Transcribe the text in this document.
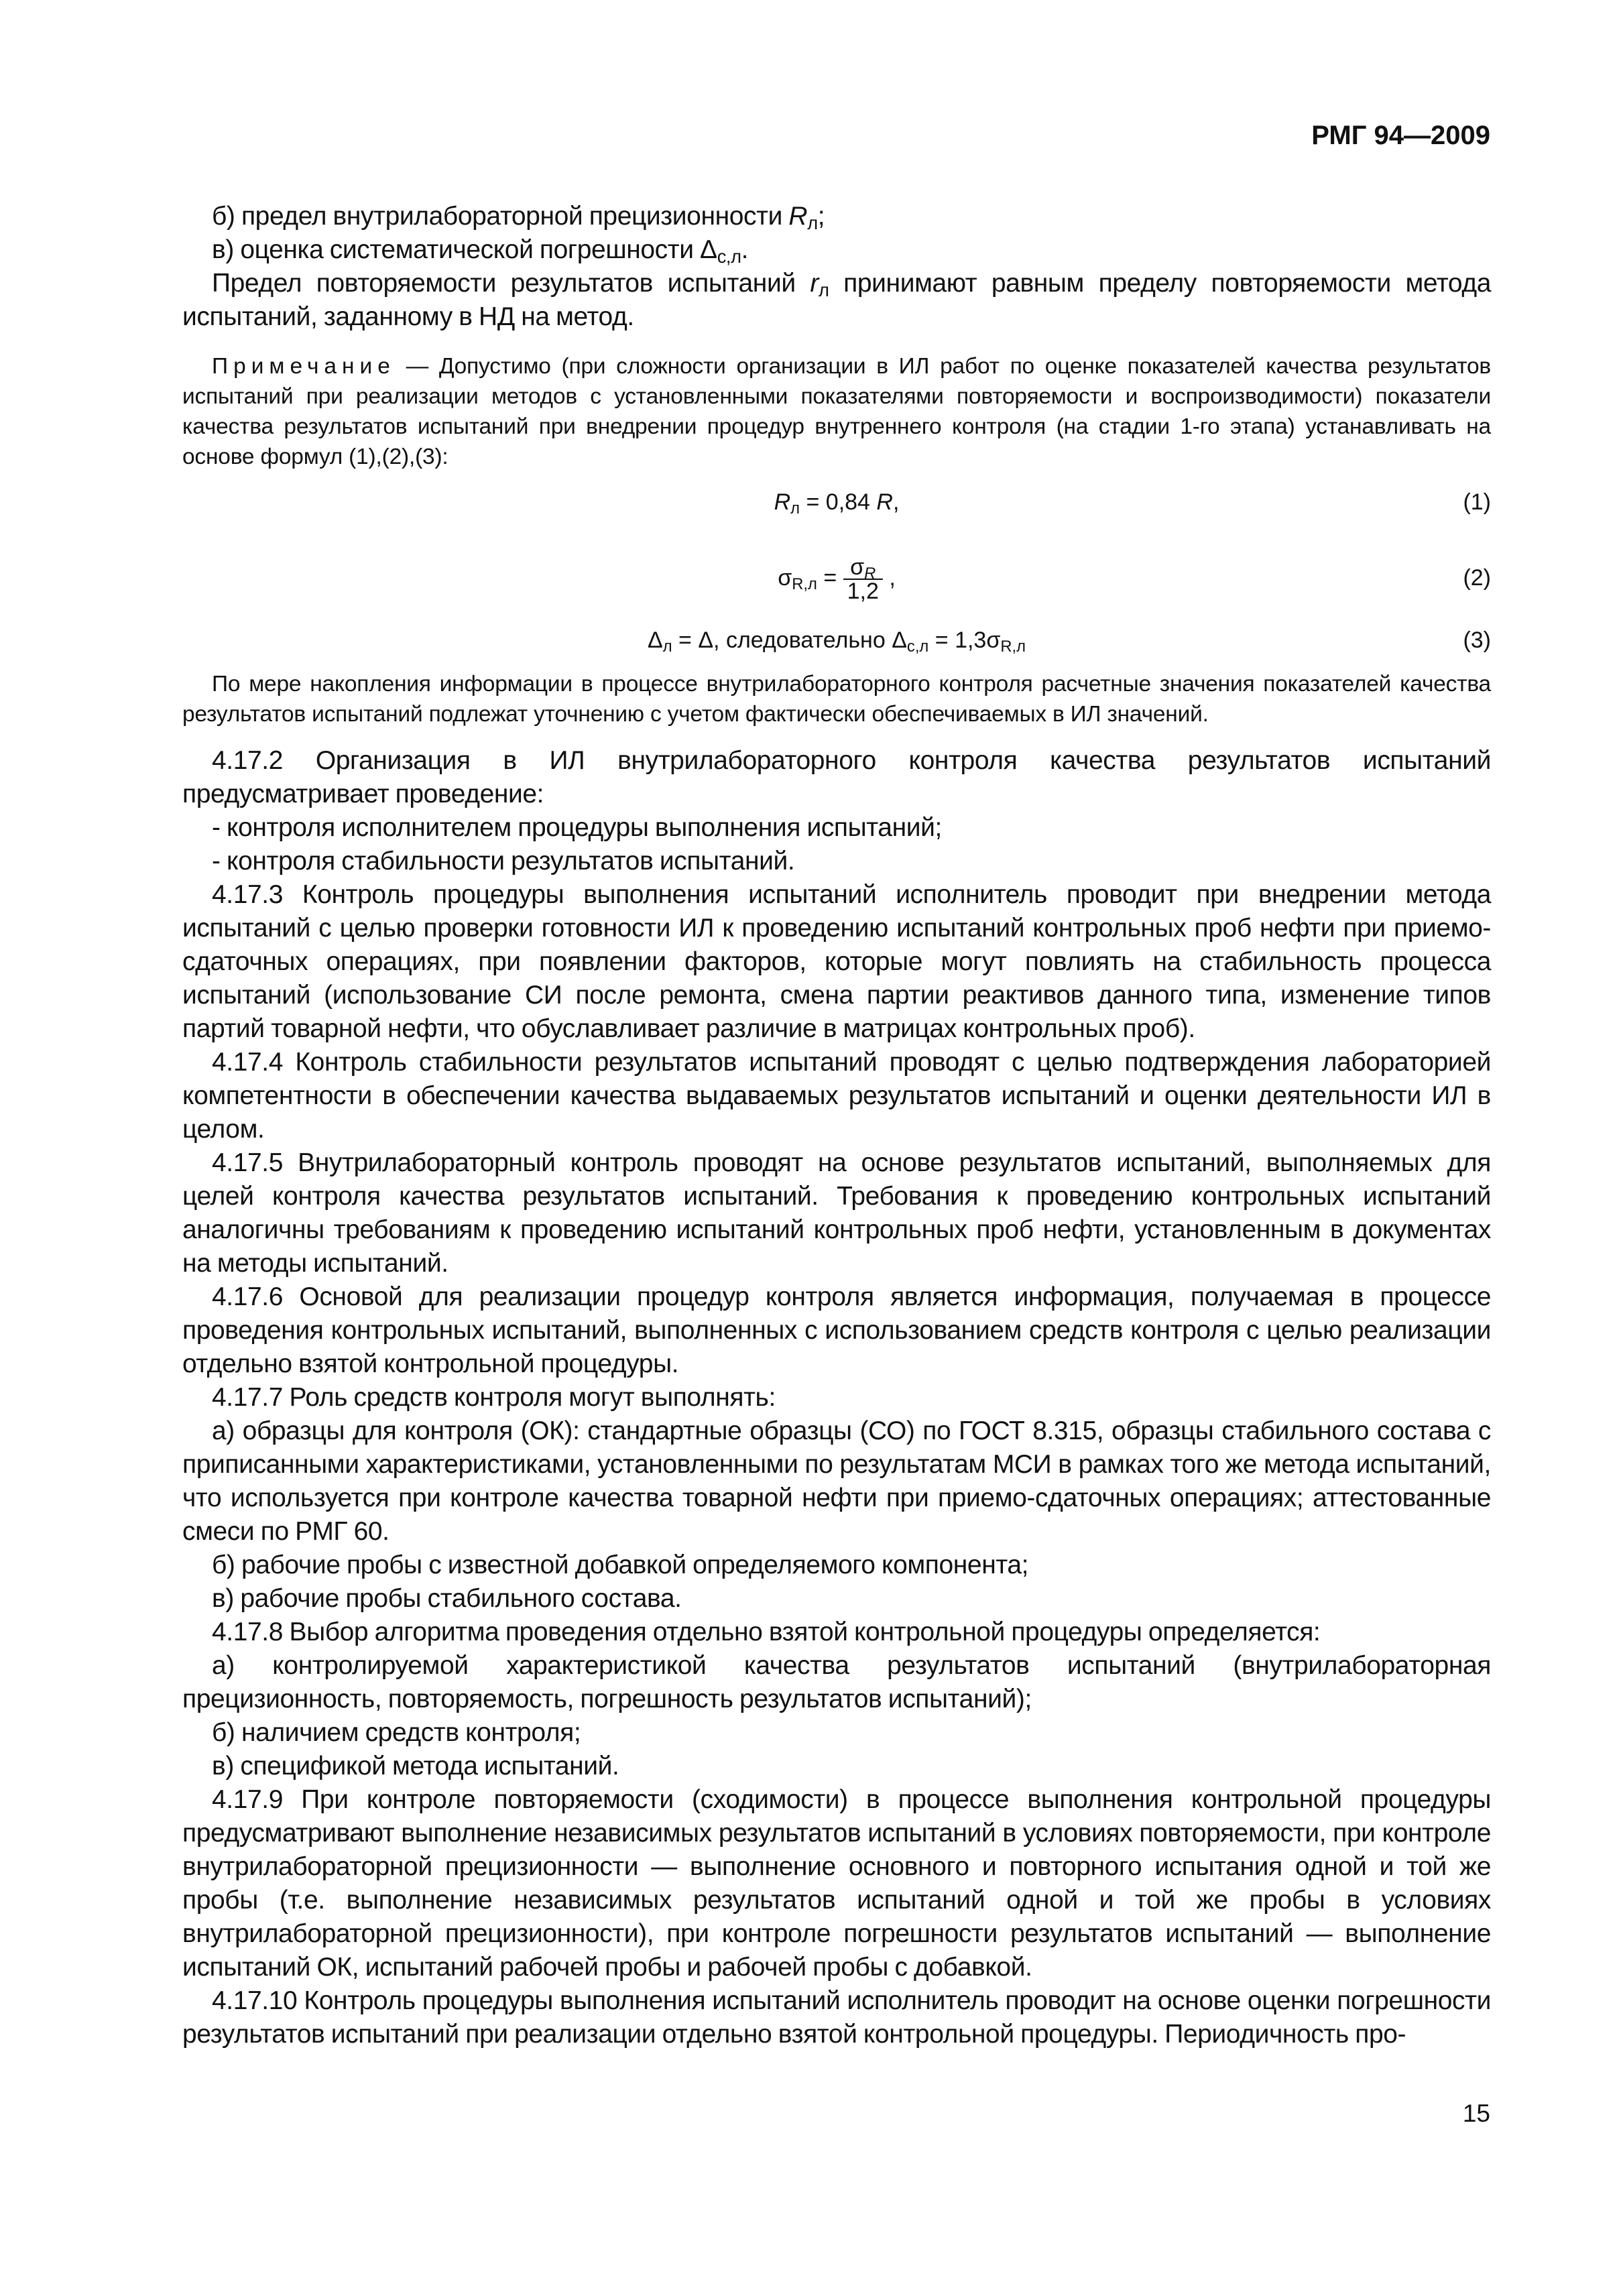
РМГ 94—2009

б) предел внутрилабораторной прецизионности $R_л$;

в) оценка систематической погрешности $\Delta_{с,л}$.

Предел повторяемости результатов испытаний $r_л$ принимают равным пределу повторяемости метода испытаний, заданному в НД на метод.

Примечание — Допустимо (при сложности организации в ИЛ работ по оценке показателей качества результатов испытаний при реализации методов с установленными показателями повторяемости и воспроизводимости) показатели качества результатов испытаний при внедрении процедур внутреннего контроля (на стадии 1-го этапа) устанавливать на основе формул (1),(2),(3):

$R_л = 0,84$ R,	(1)
$\sigma_{R,л} = \frac{\sigma_R}{1,2}$ ,	(2)
$\Delta_л = \Delta$, следовательно $\Delta_{с,л} = 1,3\sigma_{R,л}$	(3)

По мере накопления информации в процессе внутрилабораторного контроля расчетные значения показателей качества результатов испытаний подлежат уточнению с учетом фактически обеспечиваемых в ИЛ значений.

4.17.2 Организация в ИЛ внутрилабораторного контроля качества результатов испытаний предусматривает проведение:

- контроля исполнителем процедуры выполнения испытаний;

- контроля стабильности результатов испытаний.

4.17.3 Контроль процедуры выполнения испытаний исполнитель проводит при внедрении метода испытаний с целью проверки готовности ИЛ к проведению испытаний контрольных проб нефти при приемо-сдаточных операциях, при появлении факторов, которые могут повлиять на стабильность процесса испытаний (использование СИ после ремонта, смена партии реактивов данного типа, изменение типов партий товарной нефти, что обуславливает различие в матрицах контрольных проб).

4.17.4 Контроль стабильности результатов испытаний проводят с целью подтверждения лабораторией компетентности в обеспечении качества выдаваемых результатов испытаний и оценки деятельности ИЛ в целом.

4.17.5 Внутрилабораторный контроль проводят на основе результатов испытаний, выполняемых для целей контроля качества результатов испытаний. Требования к проведению контрольных испытаний аналогичны требованиям к проведению испытаний контрольных проб нефти, установленным в документах на методы испытаний.

4.17.6 Основой для реализации процедур контроля является информация, получаемая в процессе проведения контрольных испытаний, выполненных с использованием средств контроля с целью реализации отдельно взятой контрольной процедуры.

4.17.7 Роль средств контроля могут выполнять:

а) образцы для контроля (ОК): стандартные образцы (СО) по ГОСТ 8.315, образцы стабильного состава с приписанными характеристиками, установленными по результатам МСИ в рамках того же метода испытаний, что используется при контроле качества товарной нефти при приемо-сдаточных операциях; аттестованные смеси по РМГ 60.

б) рабочие пробы с известной добавкой определяемого компонента;

в) рабочие пробы стабильного состава.

4.17.8 Выбор алгоритма проведения отдельно взятой контрольной процедуры определяется:

а) контролируемой характеристикой качества результатов испытаний (внутрилабораторная прецизионность, повторяемость, погрешность результатов испытаний);

б) наличием средств контроля;

в) спецификой метода испытаний.

4.17.9 При контроле повторяемости (сходимости) в процессе выполнения контрольной процедуры предусматривают выполнение независимых результатов испытаний в условиях повторяемости, при контроле внутрилабораторной прецизионности — выполнение основного и повторного испытания одной и той же пробы (т.е. выполнение независимых результатов испытаний одной и той же пробы в условиях внутрилабораторной прецизионности), при контроле погрешности результатов испытаний — выполнение испытаний ОК, испытаний рабочей пробы и рабочей пробы с добавкой.

4.17.10 Контроль процедуры выполнения испытаний исполнитель проводит на основе оценки погрешности результатов испытаний при реализации отдельно взятой контрольной процедуры. Периодичность про-

15
